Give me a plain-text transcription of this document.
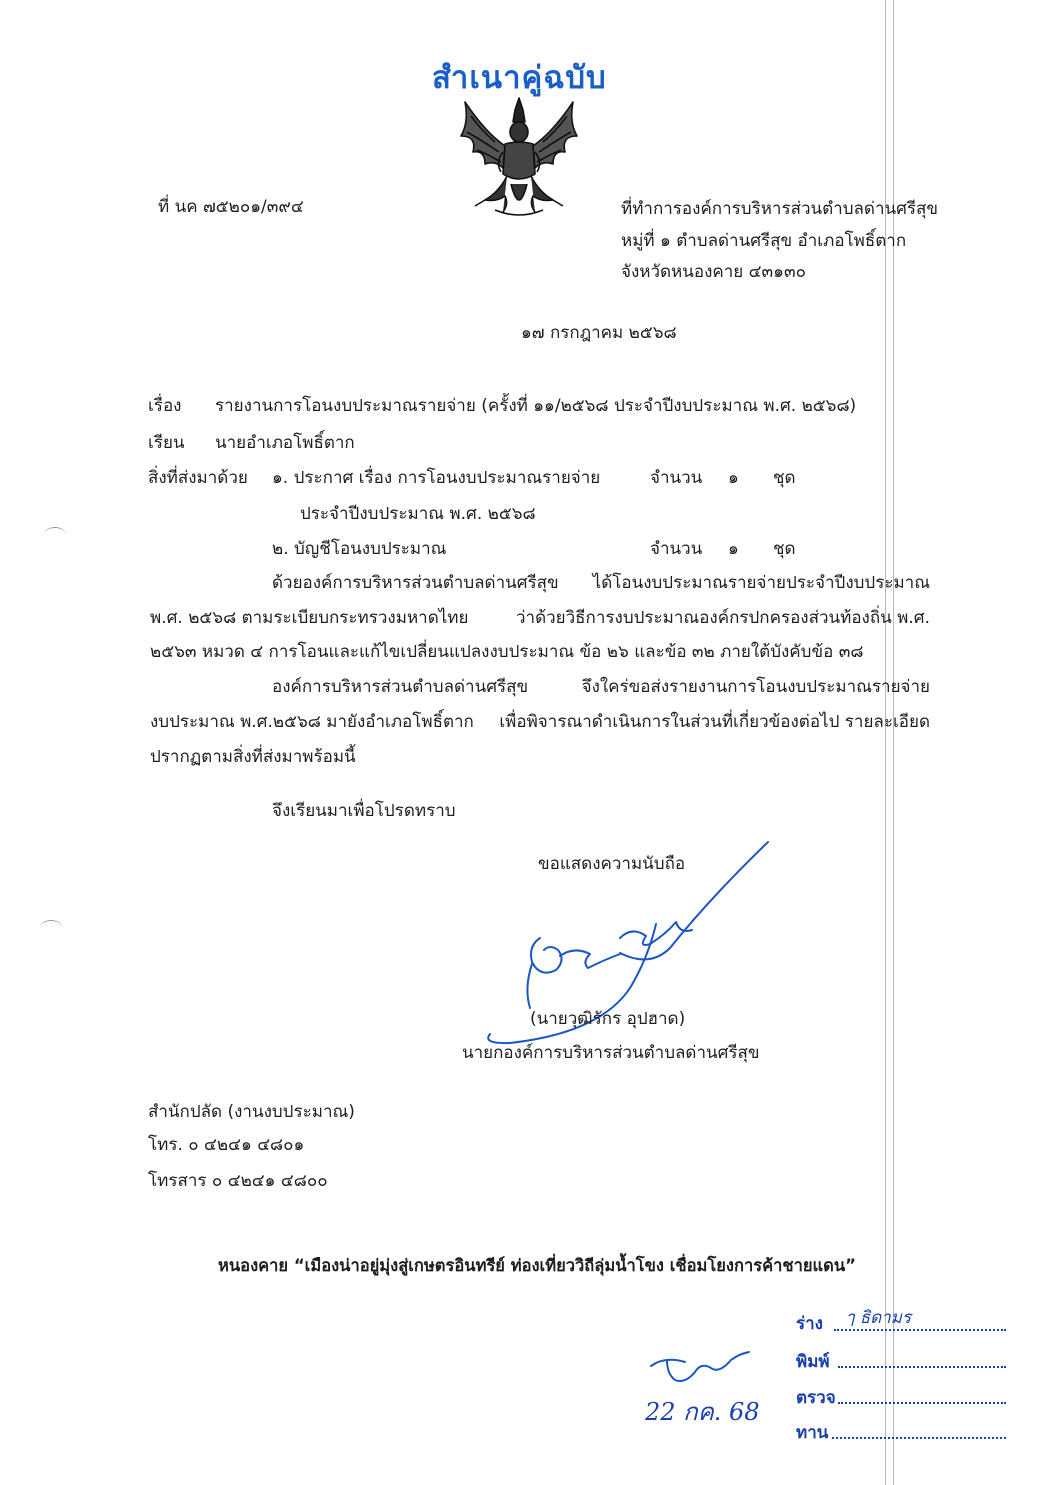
สำเนาคู่ฉบับ
ที่ นค ๗๕๒๐๑/๓๙๔	ที่ทำการองค์การบริหารส่วนตำบลด่านศรีสุข
หมู่ที่ ๑ ตำบลด่านศรีสุข อำเภอโพธิ์ตาก
จังหวัดหนองคาย ๔๓๑๓๐
๑๗ กรกฎาคม ๒๕๖๘
เรื่อง รายงานการโอนงบประมาณรายจ่าย (ครั้งที่ ๑๑/๒๕๖๘ ประจำปีงบประมาณ พ.ศ. ๒๕๖๘)
เรียน นายอำเภอโพธิ์ตาก
สิ่งที่ส่งมาด้วย ๑. ประกาศ เรื่อง การโอนงบประมาณรายจ่าย	จำนวน ๑ ชุด
ประจำปีงบประมาณ พ.ศ. ๒๕๖๘
๒. บัญชีโอนงบประมาณ	จำนวน ๑ ชุด
ด้วยองค์การบริหารส่วนตำบลด่านศรีสุข ได้โอนงบประมาณรายจ่ายประจำปีงบประมาณ
พ.ศ. ๒๕๖๘ ตามระเบียบกระทรวงมหาดไทย	ว่าด้วยวิธีการงบประมาณองค์กรปกครองส่วนท้องถิ่น พ.ศ.
๒๕๖๓ หมวด ๔ การโอนและแก้ไขเปลี่ยนแปลงงบประมาณ ข้อ ๒๖ และข้อ ๓๒ ภายใต้บังคับข้อ ๓๘
องค์การบริหารส่วนตำบลด่านศรีสุข	จึงใคร่ขอส่งรายงานการโอนงบประมาณรายจ่าย
งบประมาณ พ.ศ.๒๕๖๘ มายังอำเภอโพธิ์ตาก เพื่อพิจารณาดำเนินการในส่วนที่เกี่ยวข้องต่อไป รายละเอียด
ปรากฏตามสิ่งที่ส่งมาพร้อมนี้
จึงเรียนมาเพื่อโปรดทราบ
ขอแสดงความนับถือ
(นายวุฒิรักร อุปฮาด)
นายกองค์การบริหารส่วนตำบลด่านศรีสุข
สำนักปลัด (งานงบประมาณ)
โทร. ๐ ๔๒๔๑ ๔๘๐๑
โทรสาร ๐ ๔๒๔๑ ๔๘๐๐
หนองคาย “เมืองน่าอยู่มุ่งสู่เกษตรอินทรีย์ ท่องเที่ยววิถีลุ่มน้ำโขง เชื่อมโยงการค้าชายแดน”
ร่าง ๅ ธิดามร
พิมพ์
ตรวจ
ทาน
22 กค. 68
